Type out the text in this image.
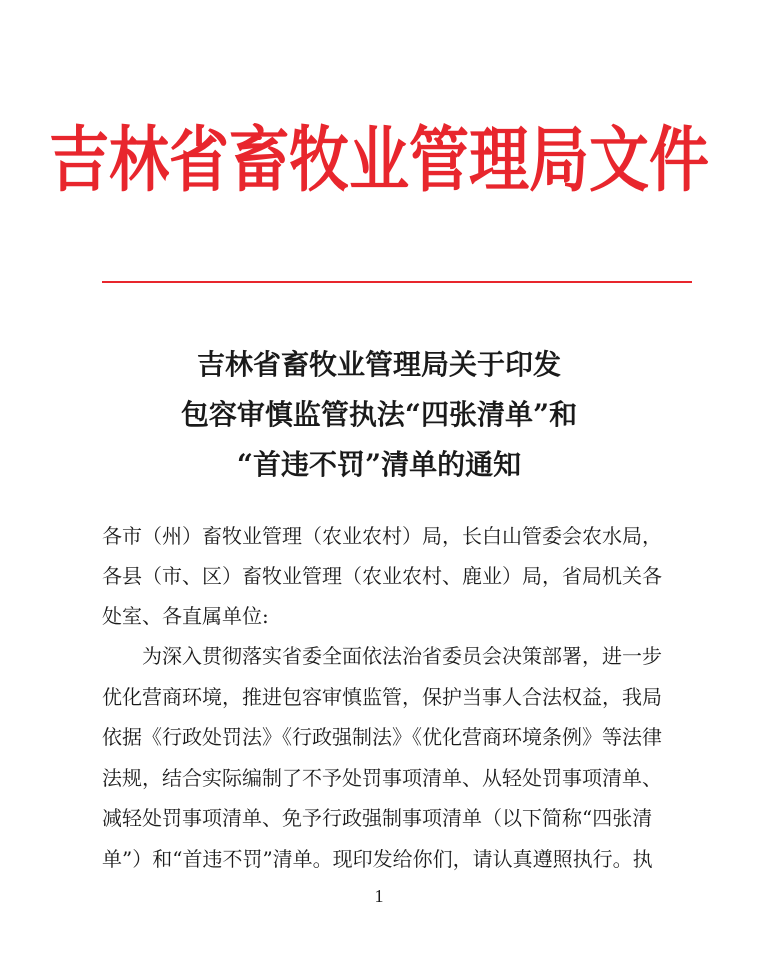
吉林省畜牧业管理局文件
吉林省畜牧业管理局关于印发
包容审慎监管执法“四张清单”和
“首违不罚”清单的通知
各市（州）畜牧业管理（农业农村）局，长白山管委会农水局，
各县（市、区）畜牧业管理（农业农村、鹿业）局，省局机关各
处室、各直属单位:
为深入贯彻落实省委全面依法治省委员会决策部署，进一步
优化营商环境，推进包容审慎监管，保护当事人合法权益，我局
依据《行政处罚法》《行政强制法》《优化营商环境条例》等法律
法规，结合实际编制了不予处罚事项清单、从轻处罚事项清单、
减轻处罚事项清单、免予行政强制事项清单（以下简称“四张清
单”）和“首违不罚”清单。现印发给你们，请认真遵照执行。执
1
